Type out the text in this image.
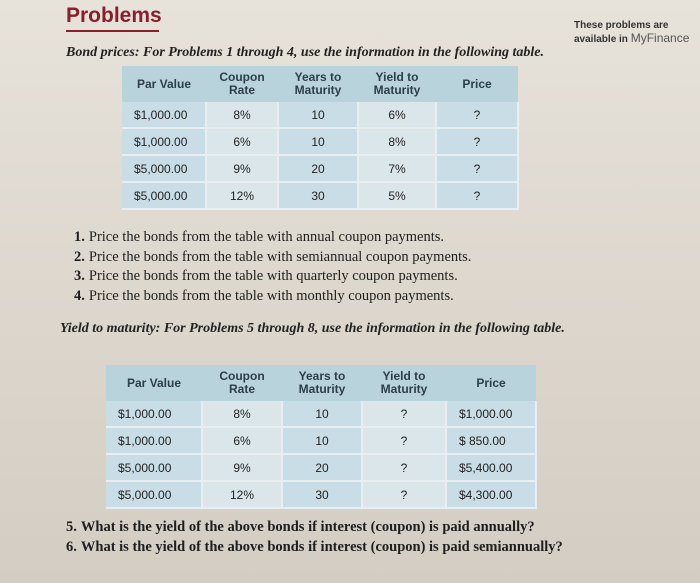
Problems	These problems are available in MyFinance
Bond prices: For Problems 1 through 4, use the information in the following table.
Par Value	Coupon Rate	Years to Maturity	Yield to Maturity	Price
$1,000.00	8%	10	6%	?
$1,000.00	6%	10	8%	?
$5,000.00	9%	20	7%	?
$5,000.00	12%	30	5%	?
1. Price the bonds from the table with annual coupon payments.
2. Price the bonds from the table with semiannual coupon payments.
3. Price the bonds from the table with quarterly coupon payments.
4. Price the bonds from the table with monthly coupon payments.
Yield to maturity: For Problems 5 through 8, use the information in the following table.
Par Value	Coupon Rate	Years to Maturity	Yield to Maturity	Price
$1,000.00	8%	10	?	$1,000.00
$1,000.00	6%	10	?	$ 850.00
$5,000.00	9%	20	?	$5,400.00
$5,000.00	12%	30	?	$4,300.00
5. What is the yield of the above bonds if interest (coupon) is paid annually?
6. What is the yield of the above bonds if interest (coupon) is paid semiannually?
